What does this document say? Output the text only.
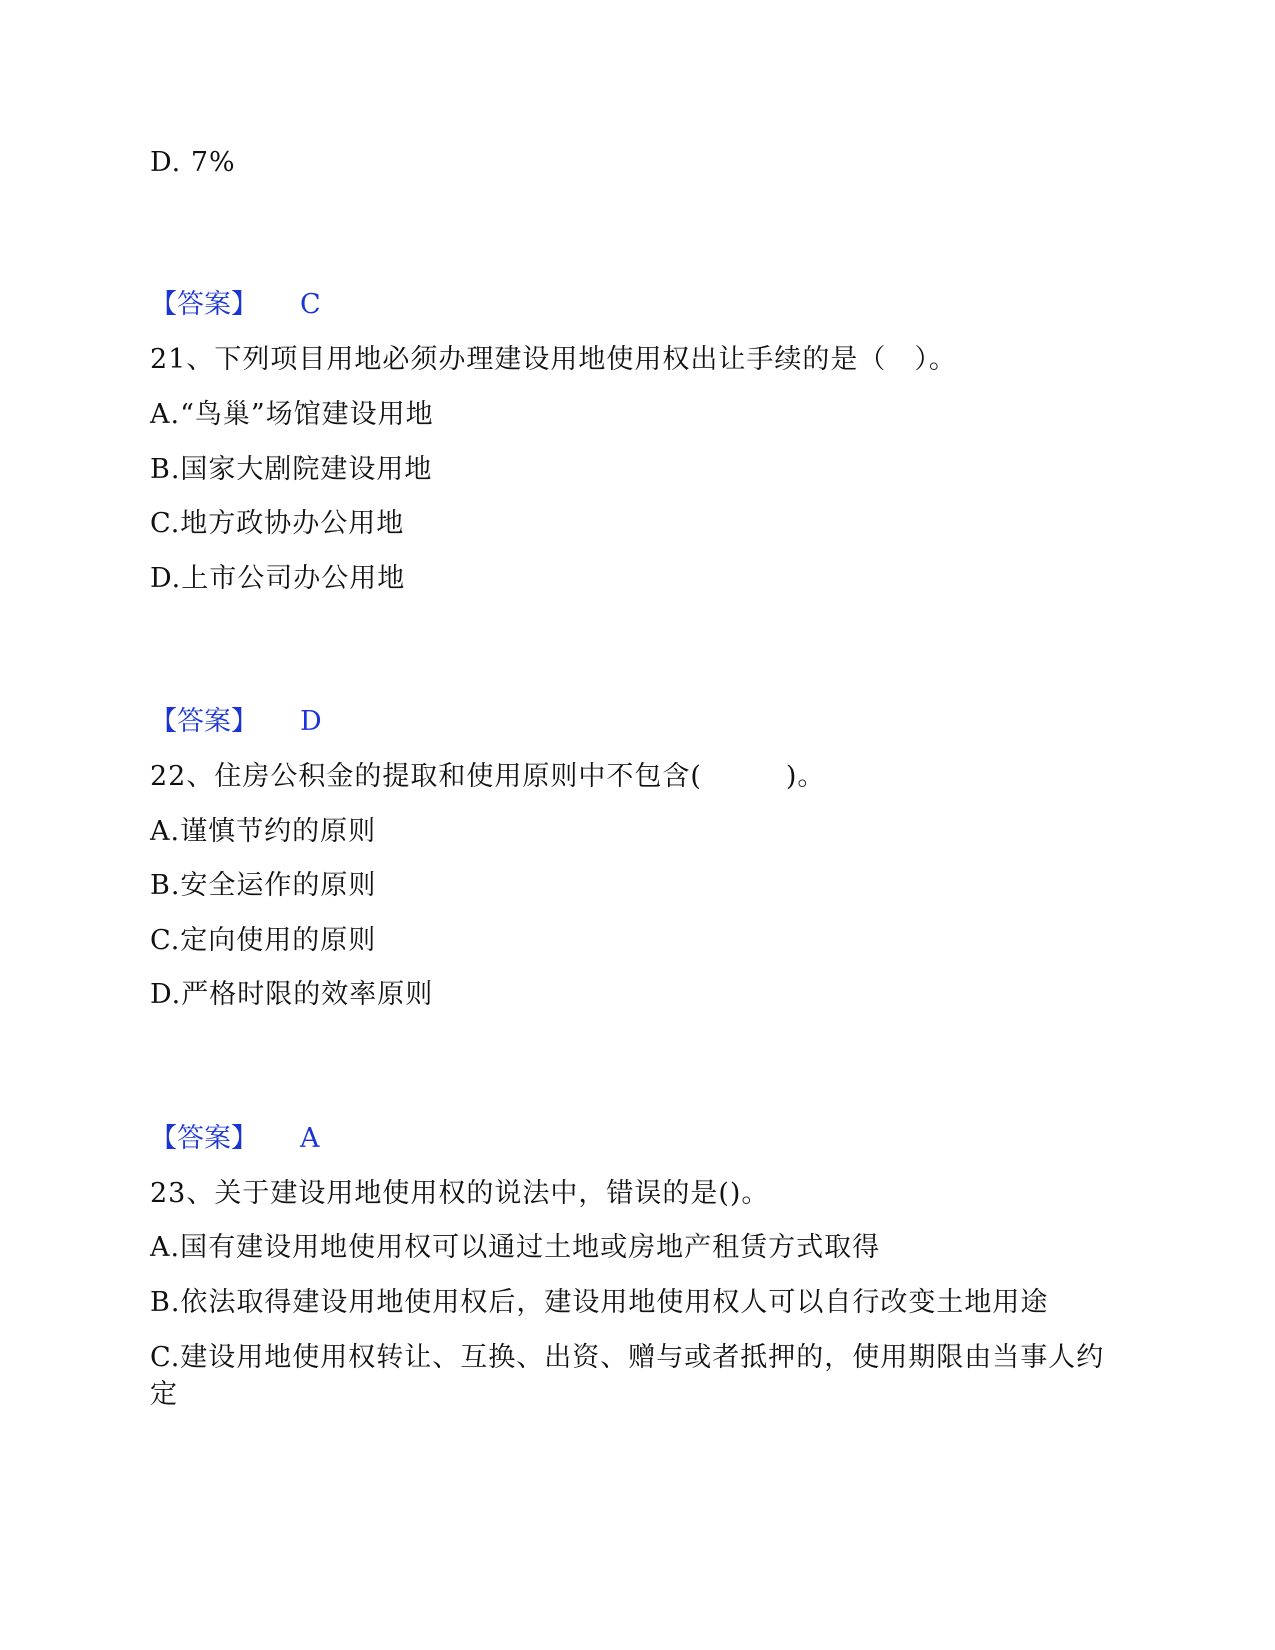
D. 7%
【答案】 C
21、下列项目用地必须办理建设用地使用权出让手续的是（　）。
A.“鸟巢”场馆建设用地
B.国家大剧院建设用地
C.地方政协办公用地
D.上市公司办公用地
【答案】 D
22、住房公积金的提取和使用原则中不包含(　　　)。
A.谨慎节约的原则
B.安全运作的原则
C.定向使用的原则
D.严格时限的效率原则
【答案】 A
23、关于建设用地使用权的说法中，错误的是()。
A.国有建设用地使用权可以通过土地或房地产租赁方式取得
B.依法取得建设用地使用权后，建设用地使用权人可以自行改变土地用途
C.建设用地使用权转让、互换、出资、赠与或者抵押的，使用期限由当事人约定
